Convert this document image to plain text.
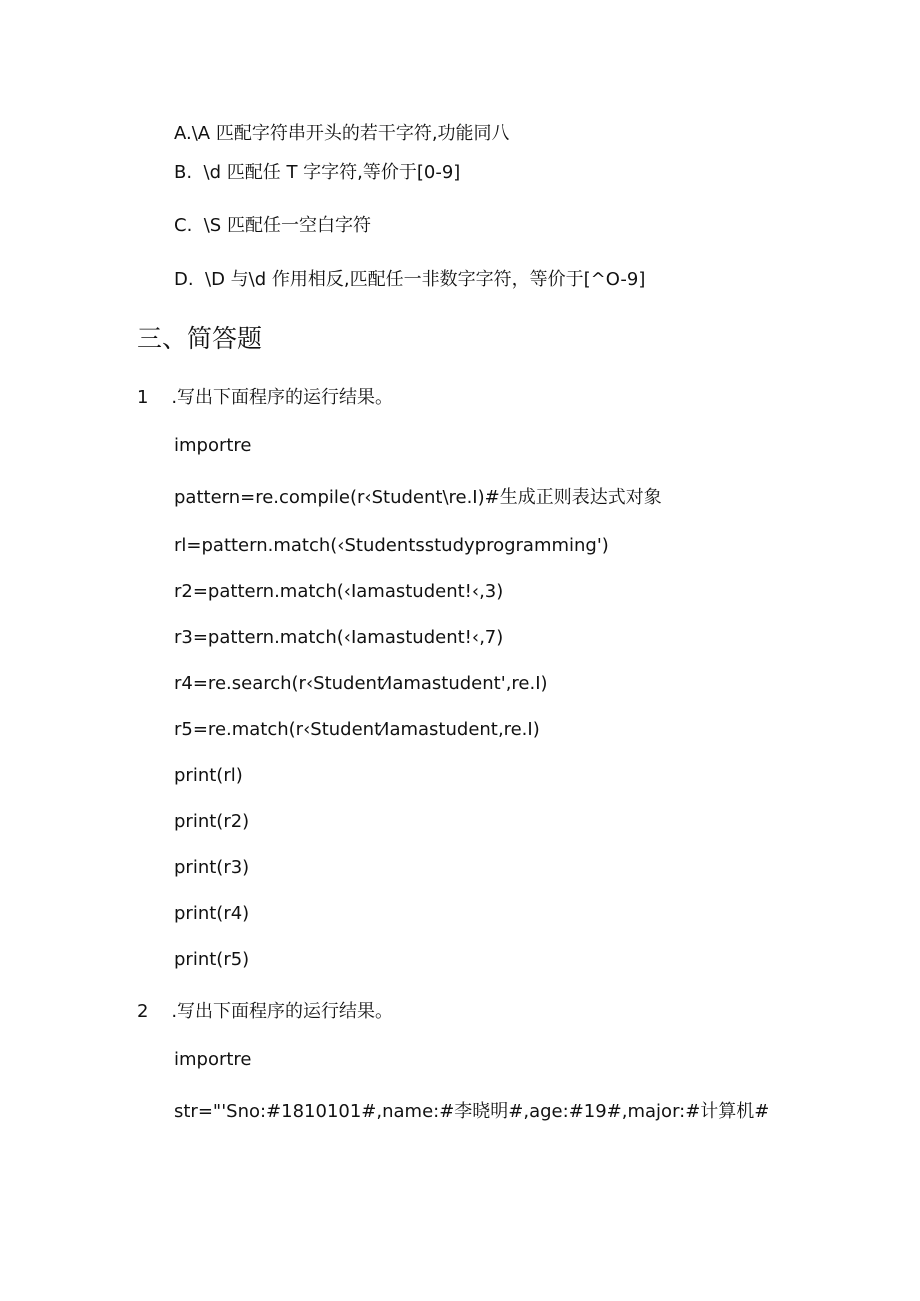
A.\A 匹配字符串开头的若干字符,功能同八
B.  \d 匹配任 T 字字符,等价于[0-9]
C.  \S 匹配任一空白字符
D.  \D 与\d 作用相反,匹配任一非数字字符，等价于[^O-9]
三、简答题
1    .写出下面程序的运行结果。
importre
pattern=re.compile(r‹Student\re.I)#生成正则表达式对象
rl=pattern.match(‹Studentsstudyprogramming')
r2=pattern.match(‹Iamastudent!‹,3)
r3=pattern.match(‹Iamastudent!‹‚7)
r4=re.search(r‹Student⁄Iamastudent'‚re.I)
r5=re.match(r‹Student⁄Iamastudent‚re.I)
print(rl)
print(r2)
print(r3)
print(r4)
print(r5)
2    .写出下面程序的运行结果。
importre
str="'Sno:#1810101#,name:#李晓明#,age:#19#,major:#计算机#
